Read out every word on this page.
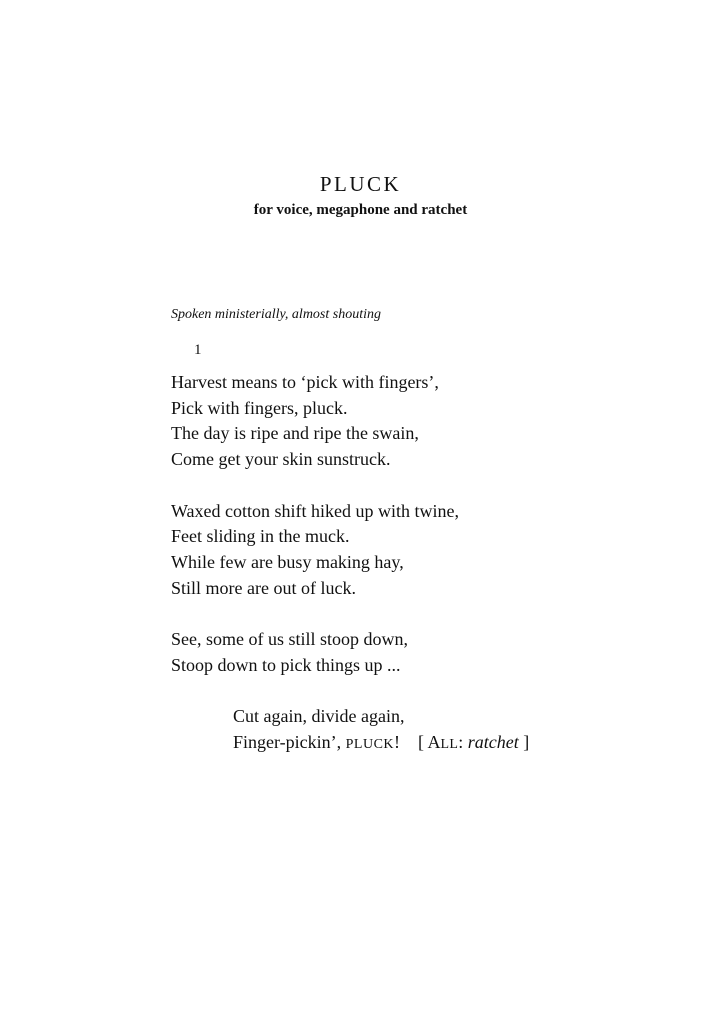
PLUCK
for voice, megaphone and ratchet
Spoken ministerially, almost shouting
1
Harvest means to ‘pick with fingers’,
Pick with fingers, pluck.
The day is ripe and ripe the swain,
Come get your skin sunstruck.
Waxed cotton shift hiked up with twine,
Feet sliding in the muck.
While few are busy making hay,
Still more are out of luck.
See, some of us still stoop down,
Stoop down to pick things up ...
Cut again, divide again,
Finger-pickin’, PLUCK! [ ALL: ratchet ]
